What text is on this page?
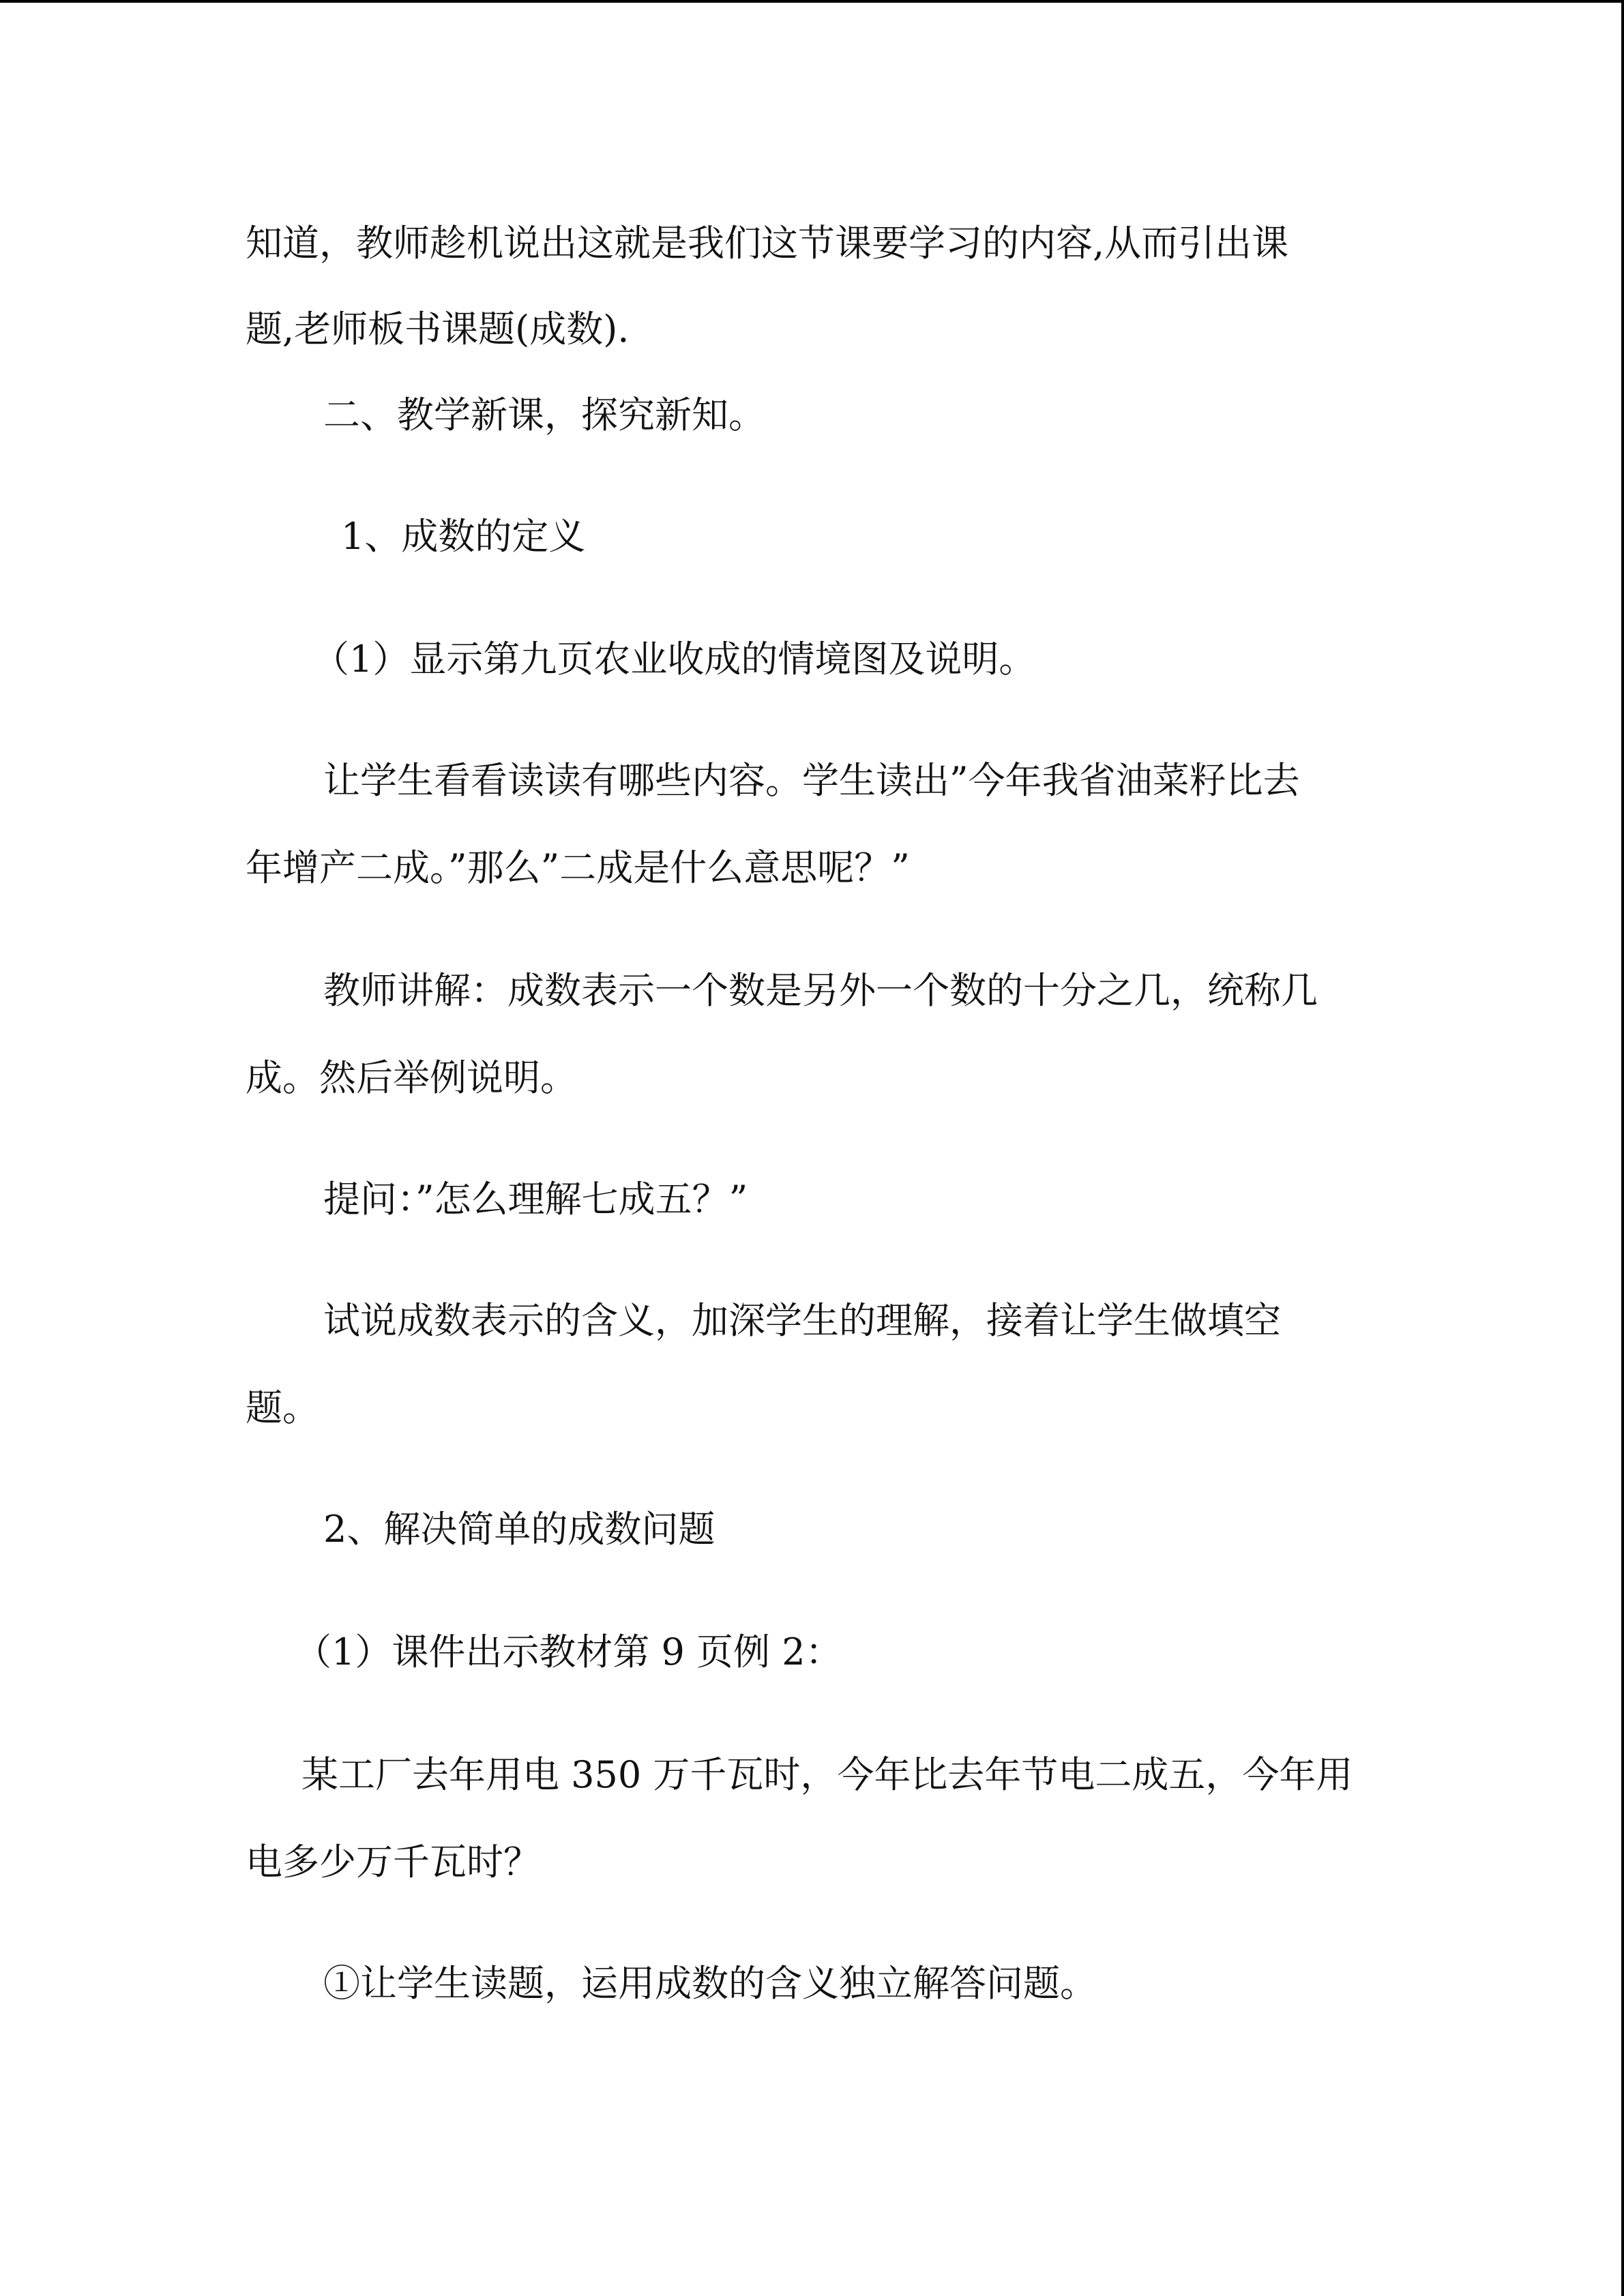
知道，教师趁机说出这就是我们这节课要学习的内容,从而引出课

题,老师板书课题(成数).

二、教学新课，探究新知。

1、成数的定义

（1）显示第九页农业收成的情境图及说明。

让学生看看读读有哪些内容。学生读出”今年我省油菜籽比去

年增产二成。”那么”二成是什么意思呢？”

教师讲解：成数表示一个数是另外一个数的十分之几，统称几

成。然后举例说明。

提问：”怎么理解七成五？”

试说成数表示的含义，加深学生的理解，接着让学生做填空

题。

2、解决简单的成数问题

（1）课件出示教材第 9 页例 2：

某工厂去年用电 350 万千瓦时，今年比去年节电二成五，今年用

电多少万千瓦时？

①让学生读题，运用成数的含义独立解答问题。
